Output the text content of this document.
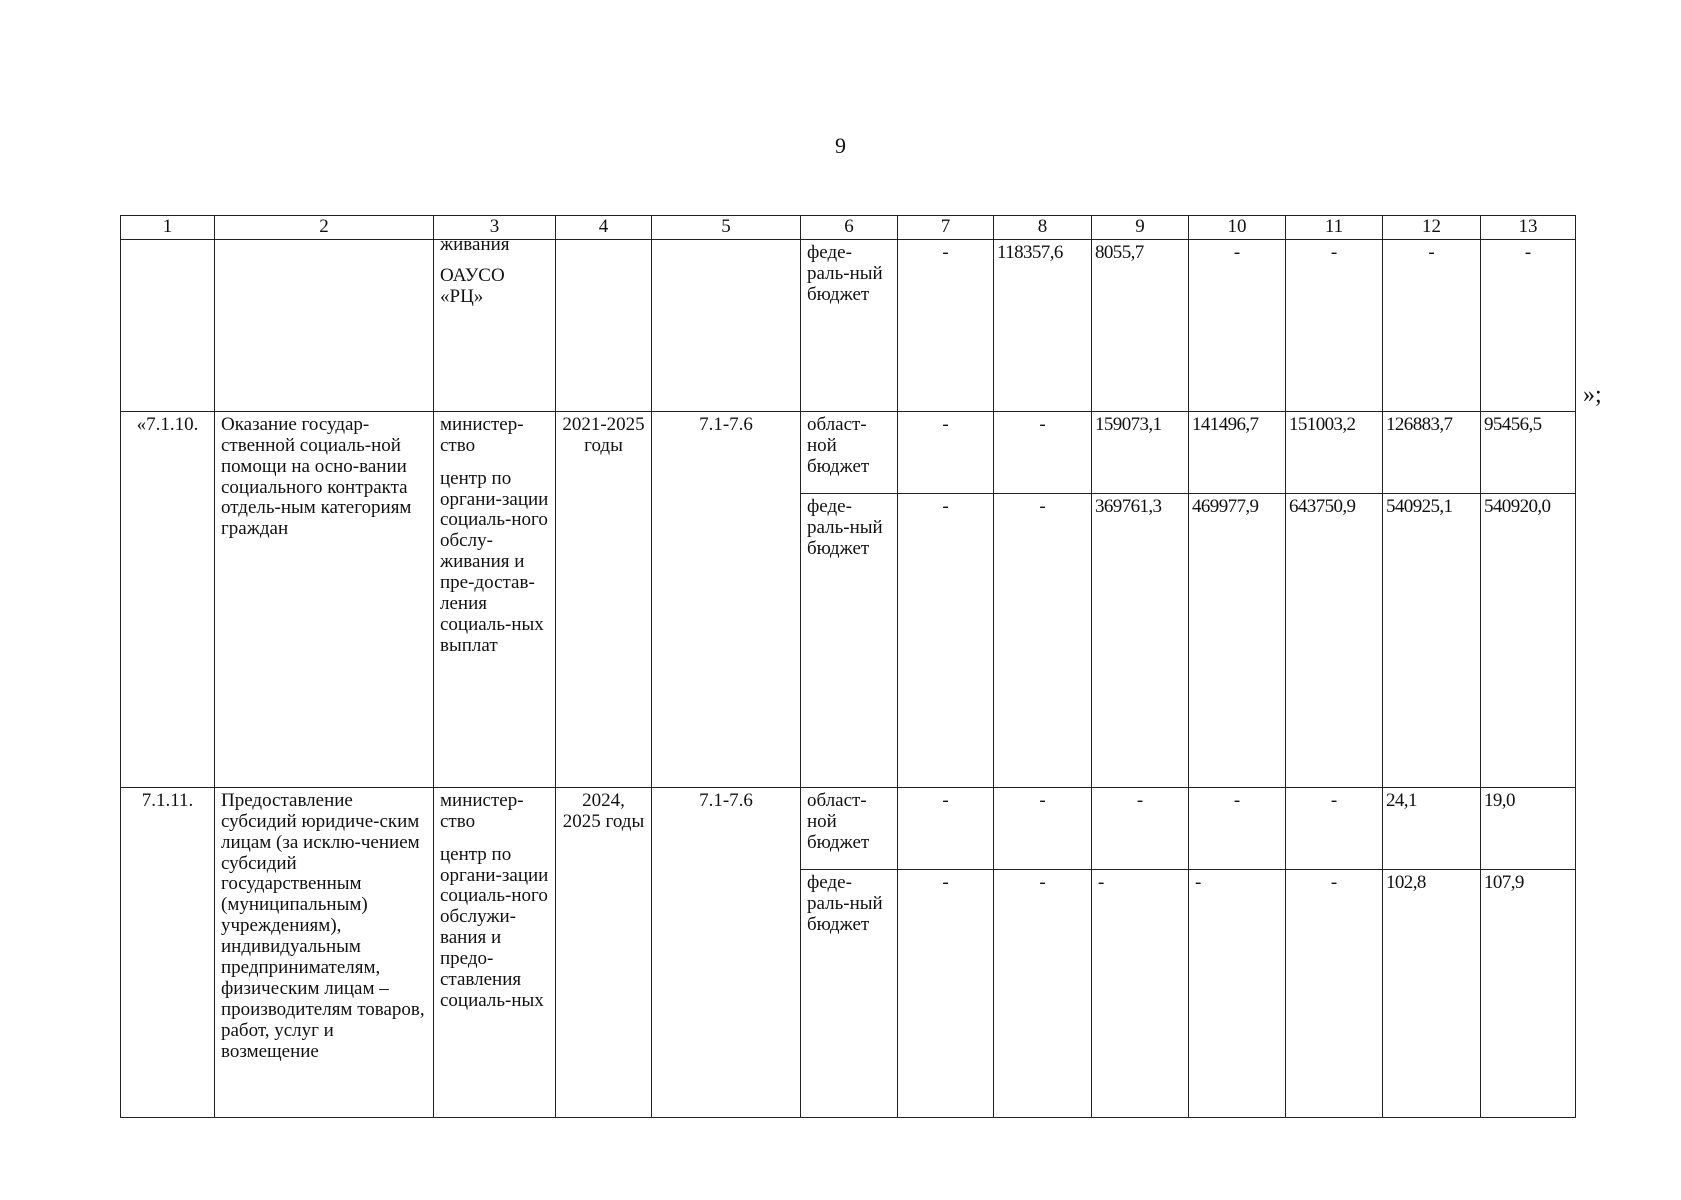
9
»;
1	2	3	4	5	6	7	8	9	10	11	12	13

		живания
ОАУСО «РЦ»			феде-раль-ный бюджет	-	118357,6	8055,7	-	-	-	-
«7.1.10.	Оказание государ-ственной социаль-ной помощи на осно-вании социального контракта отдель-ным категориям граждан	министер-ство
центр по органи-зации социаль-ного обслу-живания и пре-достав-ления социаль-ных выплат	2021-2025 годы	7.1-7.6	област-ной бюджет	-	-	159073,1	141496,7	151003,2	126883,7	95456,5
					феде-раль-ный бюджет	-	-	369761,3	469977,9	643750,9	540925,1	540920,0
7.1.11.	Предоставление субсидий юридиче-ским лицам (за исклю-чением субсидий государственным (муниципальным) учреждениям), индивидуальным предпринимателям, физическим лицам – производителям товаров, работ, услуг и возмещение	министер-ство
центр по органи-зации социаль-ного обслужи-вания и предо-ставления социаль-ных	2024, 2025 годы	7.1-7.6	област-ной бюджет	-	-	-	-	-	24,1	19,0
					феде-раль-ный бюджет	-	-	-	-	-	102,8	107,9
